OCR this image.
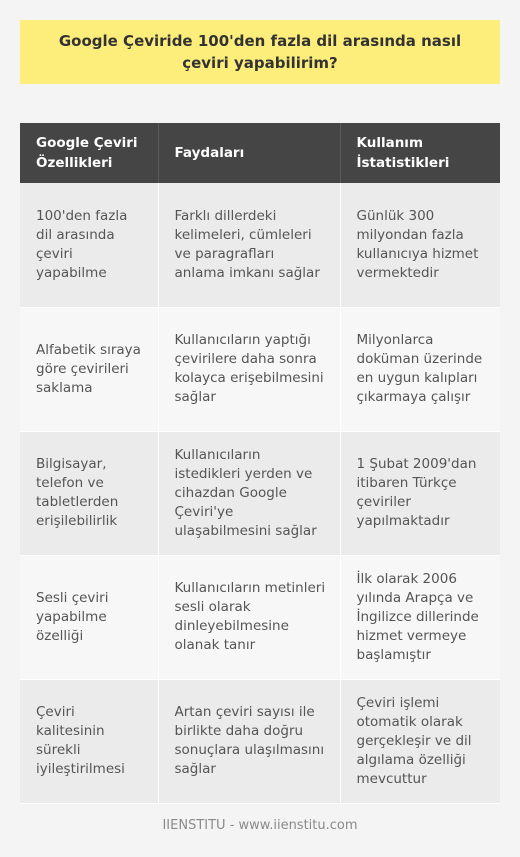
Google Çeviride 100'den fazla dil arasında nasıl çeviri yapabilirim?
Google Çeviri Özellikleri	Faydaları	Kullanım İstatistikleri
100'den fazla dil arasında çeviri yapabilme	Farklı dillerdeki kelimeleri, cümleleri ve paragrafları anlama imkanı sağlar	Günlük 300 milyondan fazla kullanıcıya hizmet vermektedir
Alfabetik sıraya göre çevirileri saklama	Kullanıcıların yaptığı çevirilere daha sonra kolayca erişebilmesini sağlar	Milyonlarca doküman üzerinde en uygun kalıpları çıkarmaya çalışır
Bilgisayar, telefon ve tabletlerden erişilebilirlik	Kullanıcıların istedikleri yerden ve cihazdan Google Çeviri'ye ulaşabilmesini sağlar	1 Şubat 2009'dan itibaren Türkçe çeviriler yapılmaktadır
Sesli çeviri yapabilme özelliği	Kullanıcıların metinleri sesli olarak dinleyebilmesine olanak tanır	İlk olarak 2006 yılında Arapça ve İngilizce dillerinde hizmet vermeye başlamıştır
Çeviri kalitesinin sürekli iyileştirilmesi	Artan çeviri sayısı ile birlikte daha doğru sonuçlara ulaşılmasını sağlar	Çeviri işlemi otomatik olarak gerçekleşir ve dil algılama özelliği mevcuttur
IIENSTITU - www.iienstitu.com
